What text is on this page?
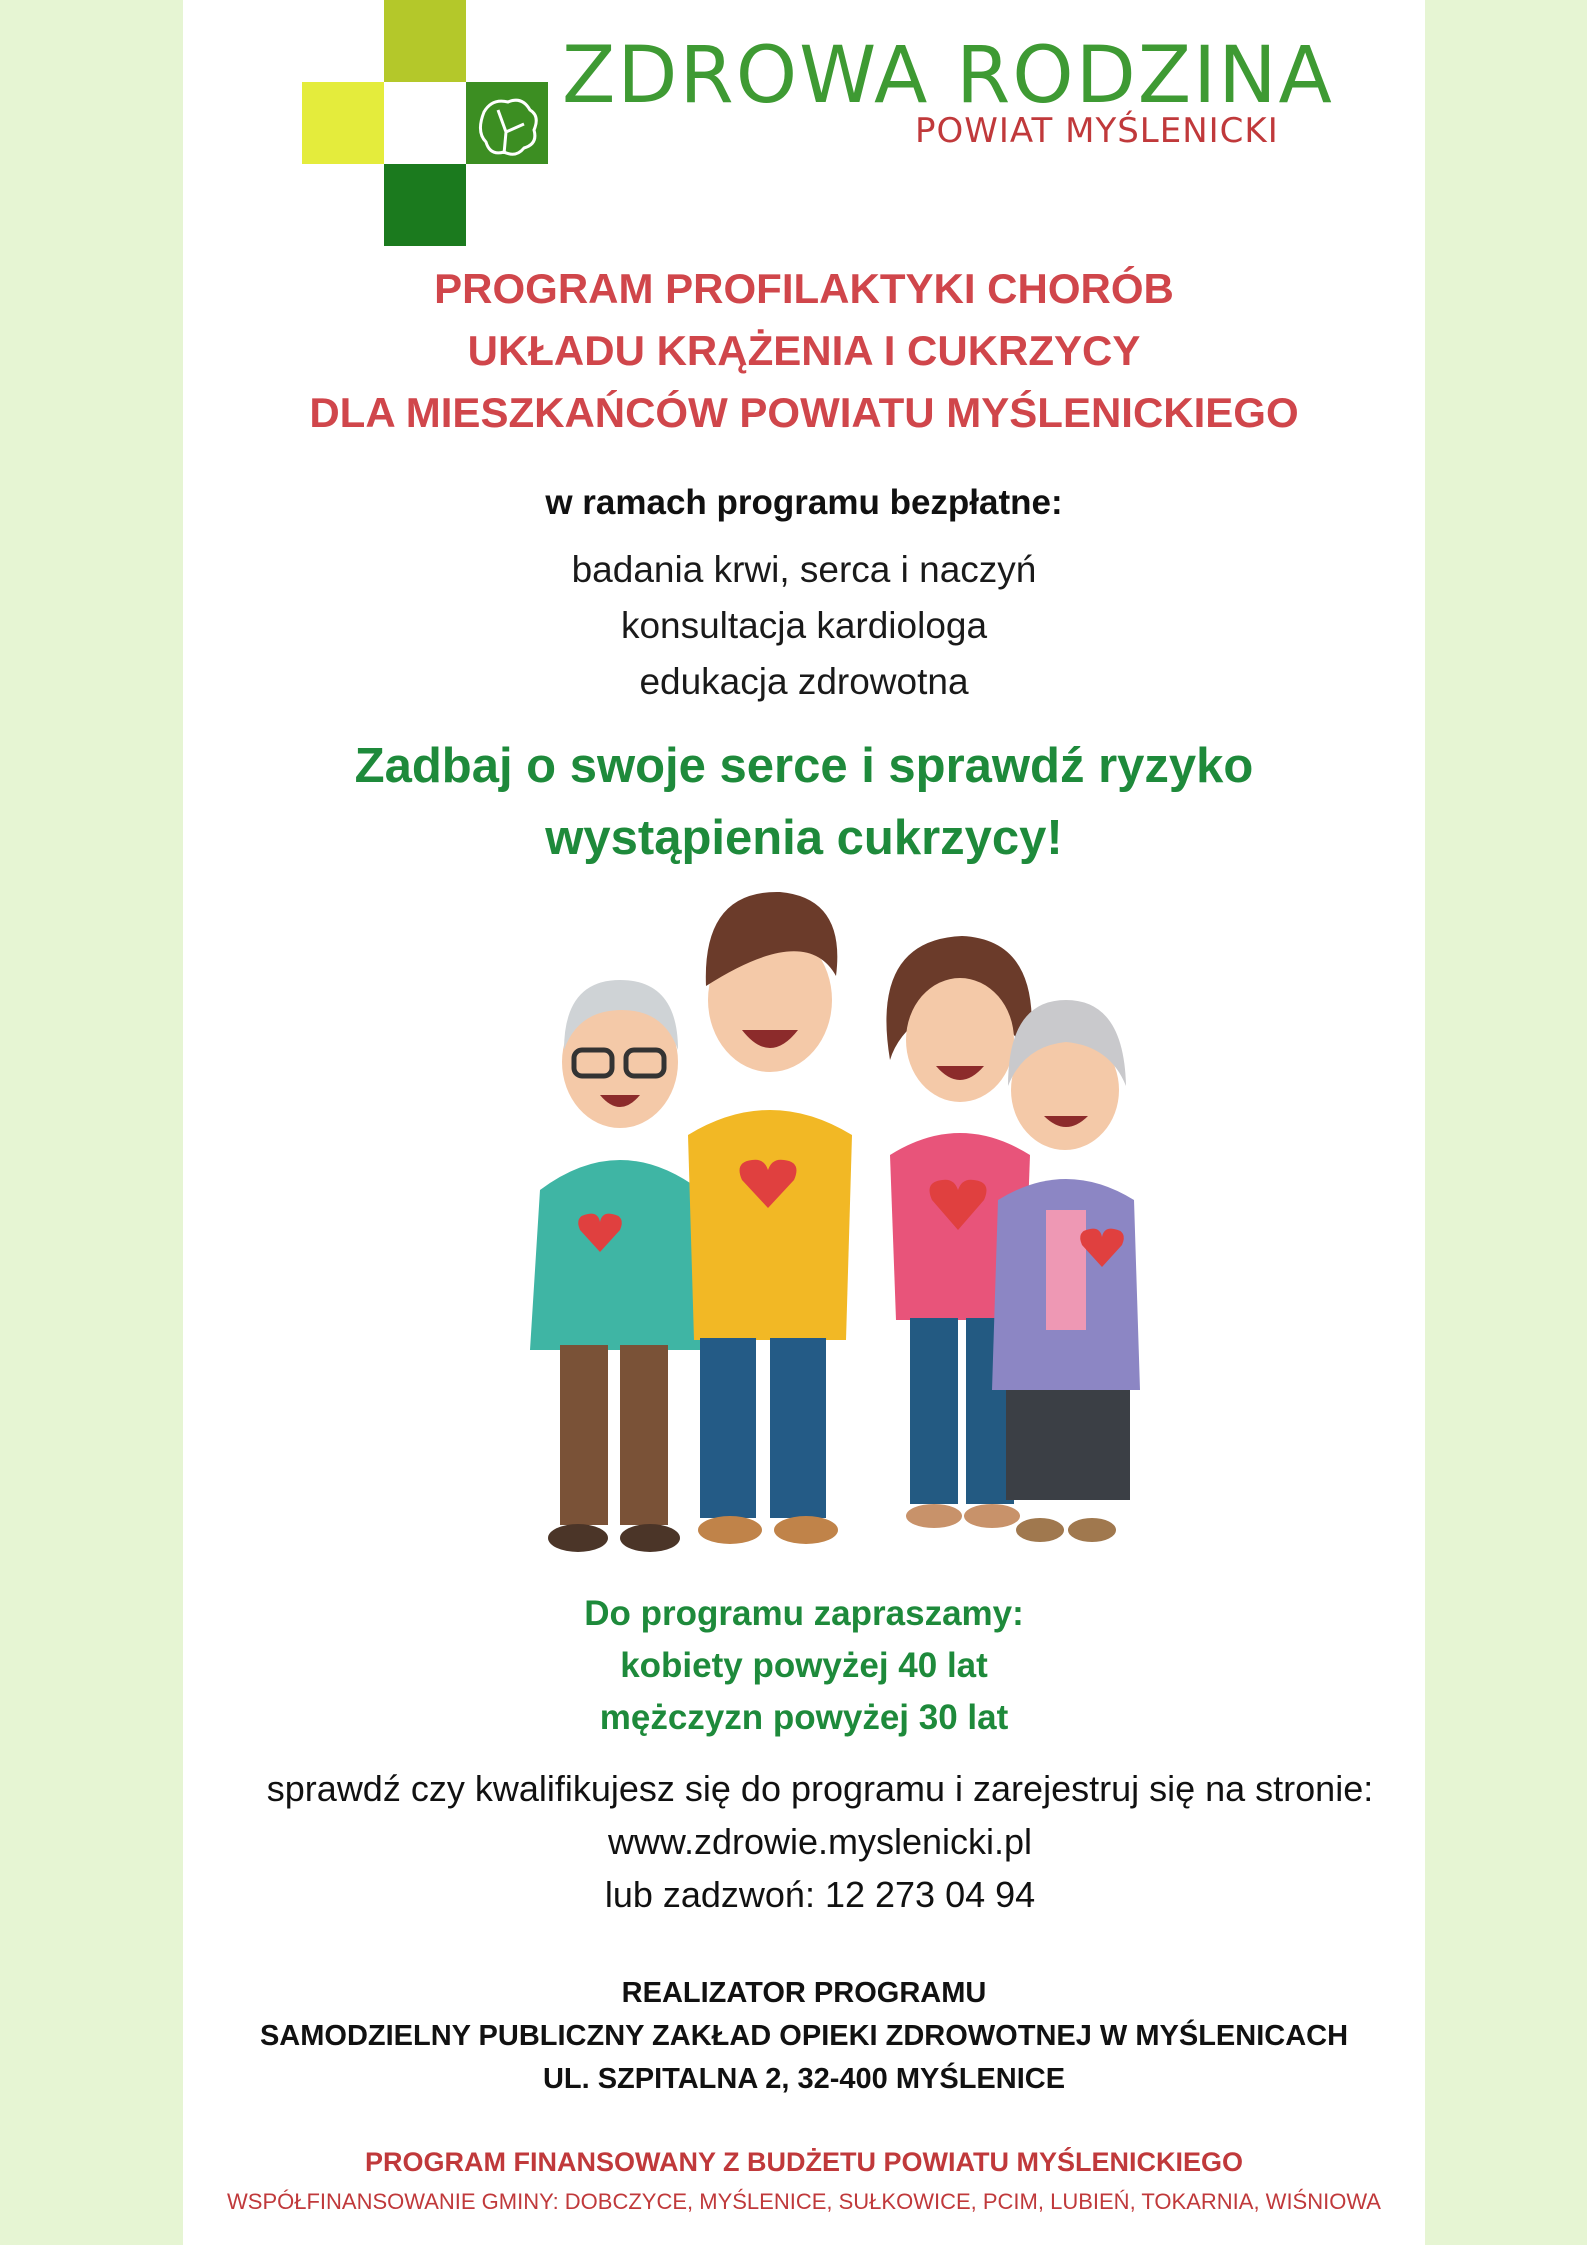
ZDROWA RODZINA
POWIAT MYŚLENICKI
PROGRAM PROFILAKTYKI CHORÓB
UKŁADU KRĄŻENIA I CUKRZYCY
DLA MIESZKAŃCÓW POWIATU MYŚLENICKIEGO
w ramach programu bezpłatne:
badania krwi, serca i naczyń
konsultacja kardiologa
edukacja zdrowotna
Zadbaj o swoje serce i sprawdź ryzyko
wystąpienia cukrzycy!
Do programu zapraszamy:
kobiety powyżej 40 lat
mężczyzn powyżej 30 lat
sprawdź czy kwalifikujesz się do programu i zarejestruj się na stronie:
www.zdrowie.myslenicki.pl
lub zadzwoń: 12 273 04 94
REALIZATOR PROGRAMU
SAMODZIELNY PUBLICZNY ZAKŁAD OPIEKI ZDROWOTNEJ W MYŚLENICACH
UL. SZPITALNA 2, 32-400 MYŚLENICE
PROGRAM FINANSOWANY Z BUDŻETU POWIATU MYŚLENICKIEGO
WSPÓŁFINANSOWANIE GMINY: DOBCZYCE, MYŚLENICE, SUŁKOWICE, PCIM, LUBIEŃ, TOKARNIA, WIŚNIOWA
